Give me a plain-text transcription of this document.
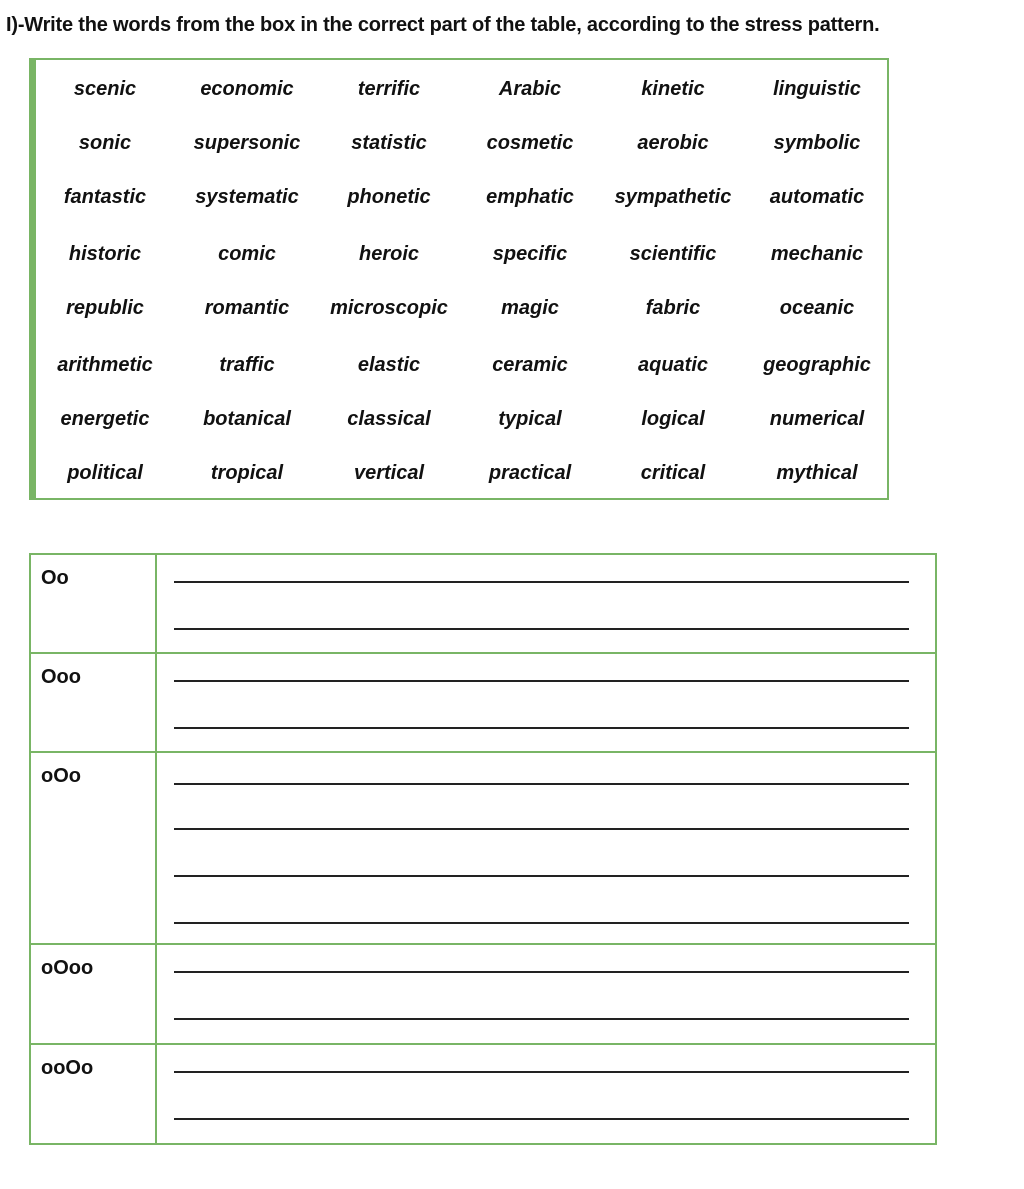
I)-Write the words from the box in the correct part of the table, according to the stress pattern.
scenic	economic	terrific	Arabic	kinetic	linguistic
sonic	supersonic	statistic	cosmetic	aerobic	symbolic
fantastic	systematic	phonetic	emphatic	sympathetic	automatic
historic	comic	heroic	specific	scientific	mechanic
republic	romantic	microscopic	magic	fabric	oceanic
arithmetic	traffic	elastic	ceramic	aquatic	geographic
energetic	botanical	classical	typical	logical	numerical
political	tropical	vertical	practical	critical	mythical
Oo	

Ooo	

oOo	

oOoo	

ooOo	
